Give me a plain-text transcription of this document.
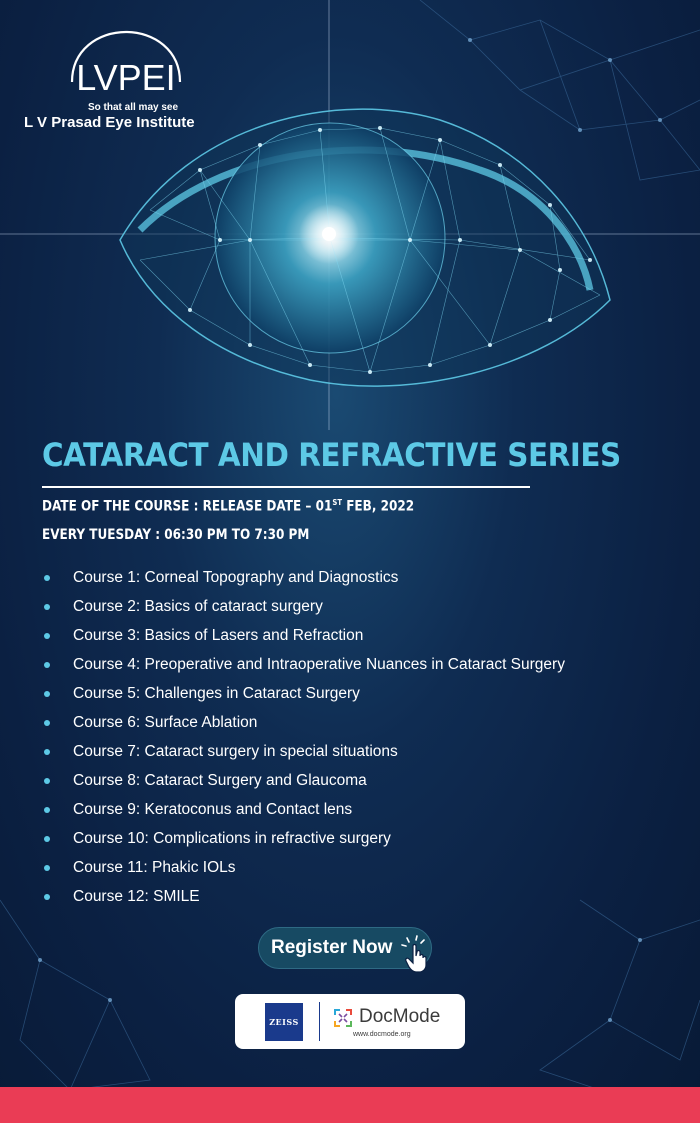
LVPEI
So that all may see
L V Prasad Eye Institute
CATARACT AND REFRACTIVE SERIES
DATE OF THE COURSE : RELEASE DATE – 01ST FEB, 2022
EVERY TUESDAY : 06:30 PM TO 7:30 PM
Course 1: Corneal Topography and Diagnostics
Course 2: Basics of cataract surgery
Course 3: Basics of Lasers and Refraction
Course 4: Preoperative and Intraoperative Nuances in Cataract Surgery
Course 5: Challenges in Cataract Surgery
Course 6: Surface Ablation
Course 7: Cataract surgery in special situations
Course 8: Cataract Surgery and Glaucoma
Course 9: Keratoconus and Contact lens
Course 10: Complications in refractive surgery
Course 11: Phakic IOLs
Course 12: SMILE
Register Now
ZEISS	DocMode
www.docmode.org
